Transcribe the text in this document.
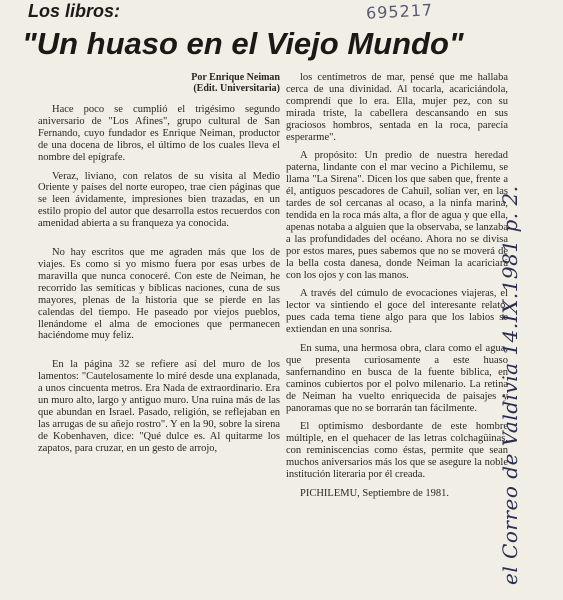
Los libros:	695217

"Un huaso en el Viejo Mundo"
Por Enrique Neiman
(Edit. Universitaria)

Hace poco se cumplió el trigésimo segundo aniversario de "Los Afines", grupo cultural de San Fernando, cuyo fundador es Enrique Neiman, productor de una docena de libros, el último de los cuales lleva el nombre del epígrafe.

Veraz, liviano, con relatos de su visita al Medio Oriente y países del norte europeo, trae cien páginas que se leen ávidamente, impresiones bien trazadas, en un estilo propio del autor que desarrolla estos recuerdos con amenidad abierta a su franqueza ya conocida.

No hay escritos que me agraden más que los de viajes. Es como si yo mismo fuera por esas urbes de maravilla que nunca conoceré. Con este de Neiman, he recorrido las semíticas y bíblicas naciones, cuna de sus mayores, plenas de la historia que se pierde en las calendas del tiempo. He paseado por viejos pueblos, llenándome el alma de emociones que permanecen haciéndome muy feliz.

En la página 32 se refiere así del muro de los lamentos: "Cautelosamente lo miré desde una explanada, a unos cincuenta metros. Era Nada de extraordinario. Era un muro alto, largo y antiguo muro. Una ruina más de las que abundan en Israel. Pasado, religión, se reflejaban en las arrugas de su añejo rostro". Y en la 90, sobre la sirena de Kobenhaven, dice: "Qué dulce es. Al quitarme los zapatos, para cruzar, en un gesto de arrojo,

los centímetros de mar, pensé que me hallaba cerca de una divinidad. Al tocarla, acariciándola, comprendí que lo era. Ella, mujer pez, con su mirada triste, la cabellera descansando en sus graciosos hombros, sentada en la roca, parecía esperarme".

A propósito: Un predio de nuestra heredad paterna, lindante con el mar vecino a Pichilemu, se llama "La Sirena". Dicen los que saben que, frente a él, antiguos pescadores de Cahuil, solían ver, en las tardes de sol cercanas al ocaso, a la ninfa marina, tendida en la roca más alta, a flor de agua y que ella, apenas notaba a alguien que la observaba, se lanzaba a las profundidades del océano. Ahora no se divisa por estos mares, pues sabemos que no se moverá de la bella costa danesa, donde Neiman la acariciará con los ojos y con las manos.

A través del cúmulo de evocaciones viajeras, el lector va sintiendo el goce del interesante relato, pues cada tema tiene algo para que los labios se extiendan en una sonrisa.

En suma, una hermosa obra, clara como el agua, que presenta curiosamente a este huaso sanfernandino en busca de la fuente bíblica, en caminos cubiertos por el polvo milenario. La retina de Neiman ha vuelto enriquecida de paisajes y panoramas que no se borrarán tan fácilmente.

El optimismo desbordante de este hombre múltiple, en el quehacer de las letras colchagüinas, con reminiscencias como éstas, permite que sean muchos aniversarios más los que se asegure la noble institución literaria por él creada.

PICHILEMU, Septiembre de 1981.	el Correo de Valdivia 14.IX.1981 p. 2.
